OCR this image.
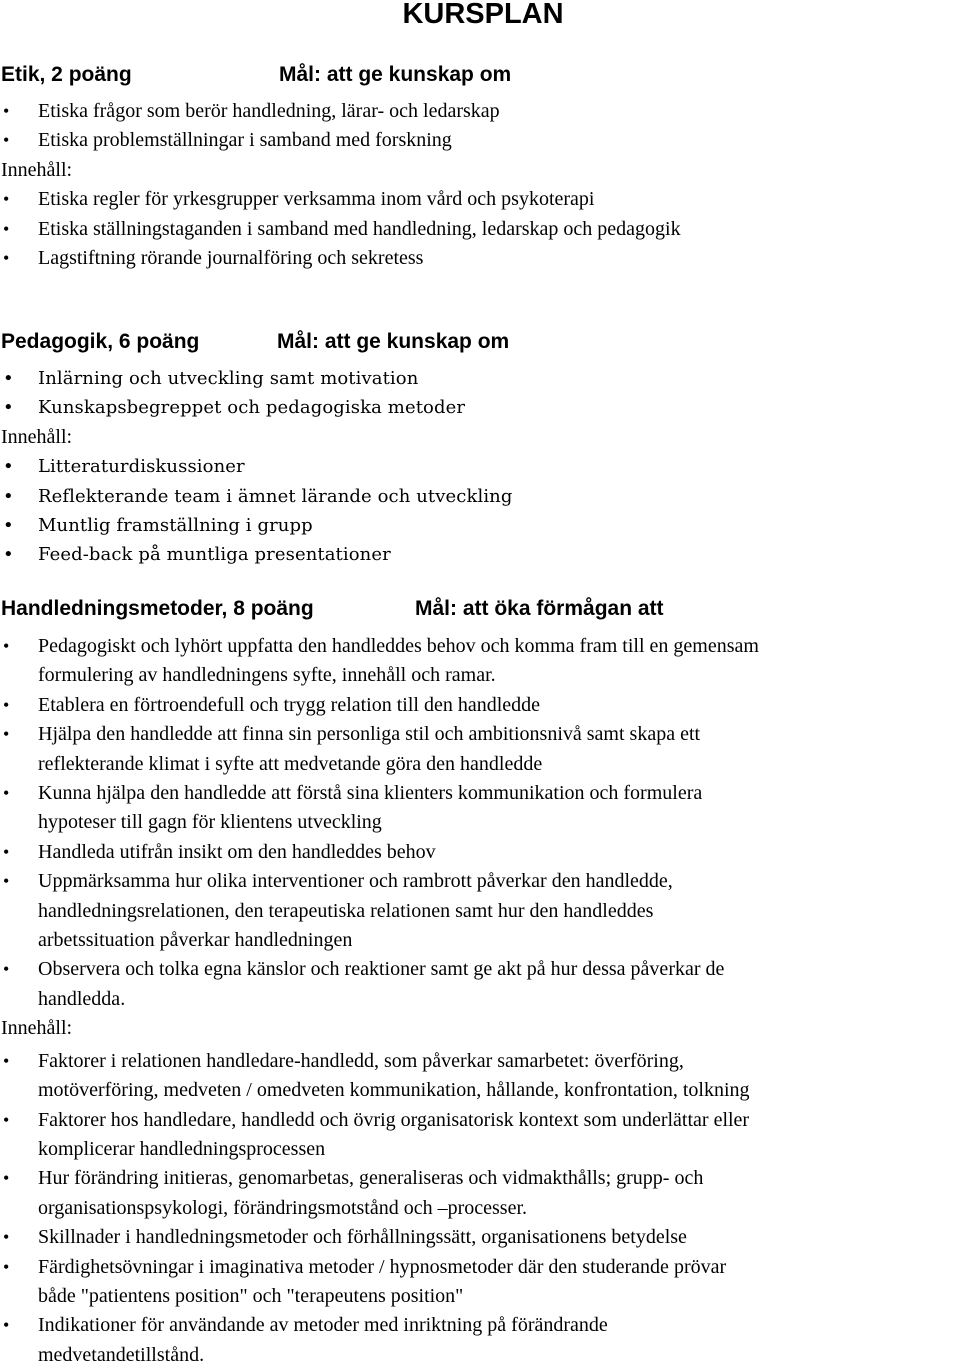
KURSPLAN
Etik, 2 poäng	Mål: att ge kunskap om
• Etiska frågor som berör handledning, lärar- och ledarskap
• Etiska problemställningar i samband med forskning
Innehåll:
• Etiska regler för yrkesgrupper verksamma inom vård och psykoterapi
• Etiska ställningstaganden i samband med handledning, ledarskap och pedagogik
• Lagstiftning rörande journalföring och sekretess
Pedagogik, 6 poäng	Mål: att ge kunskap om
• Inlärning och utveckling samt motivation
• Kunskapsbegreppet och pedagogiska metoder
Innehåll:
• Litteraturdiskussioner
• Reflekterande team i ämnet lärande och utveckling
• Muntlig framställning i grupp
• Feed-back på muntliga presentationer
Handledningsmetoder, 8 poäng	Mål: att öka förmågan att
• Pedagogiskt och lyhört uppfatta den handleddes behov och komma fram till en gemensam
formulering av handledningens syfte, innehåll och ramar.
• Etablera en förtroendefull och trygg relation till den handledde
• Hjälpa den handledde att finna sin personliga stil och ambitionsnivå samt skapa ett
reflekterande klimat i syfte att medvetande göra den handledde
• Kunna hjälpa den handledde att förstå sina klienters kommunikation och formulera
hypoteser till gagn för klientens utveckling
• Handleda utifrån insikt om den handleddes behov
• Uppmärksamma hur olika interventioner och rambrott påverkar den handledde,
handledningsrelationen, den terapeutiska relationen samt hur den handleddes
arbetssituation påverkar handledningen
• Observera och tolka egna känslor och reaktioner samt ge akt på hur dessa påverkar de
handledda.
Innehåll:
• Faktorer i relationen handledare-handledd, som påverkar samarbetet: överföring,
motöverföring, medveten / omedveten kommunikation, hållande, konfrontation, tolkning
• Faktorer hos handledare, handledd och övrig organisatorisk kontext som underlättar eller
komplicerar handledningsprocessen
• Hur förändring initieras, genomarbetas, generaliseras och vidmakthålls; grupp- och
organisationspsykologi, förändringsmotstånd och –processer.
• Skillnader i handledningsmetoder och förhållningssätt, organisationens betydelse
• Färdighetsövningar i imaginativa metoder / hypnosmetoder där den studerande prövar
både "patientens position" och "terapeutens position"
• Indikationer för användande av metoder med inriktning på förändrande
medvetandetillstånd.
